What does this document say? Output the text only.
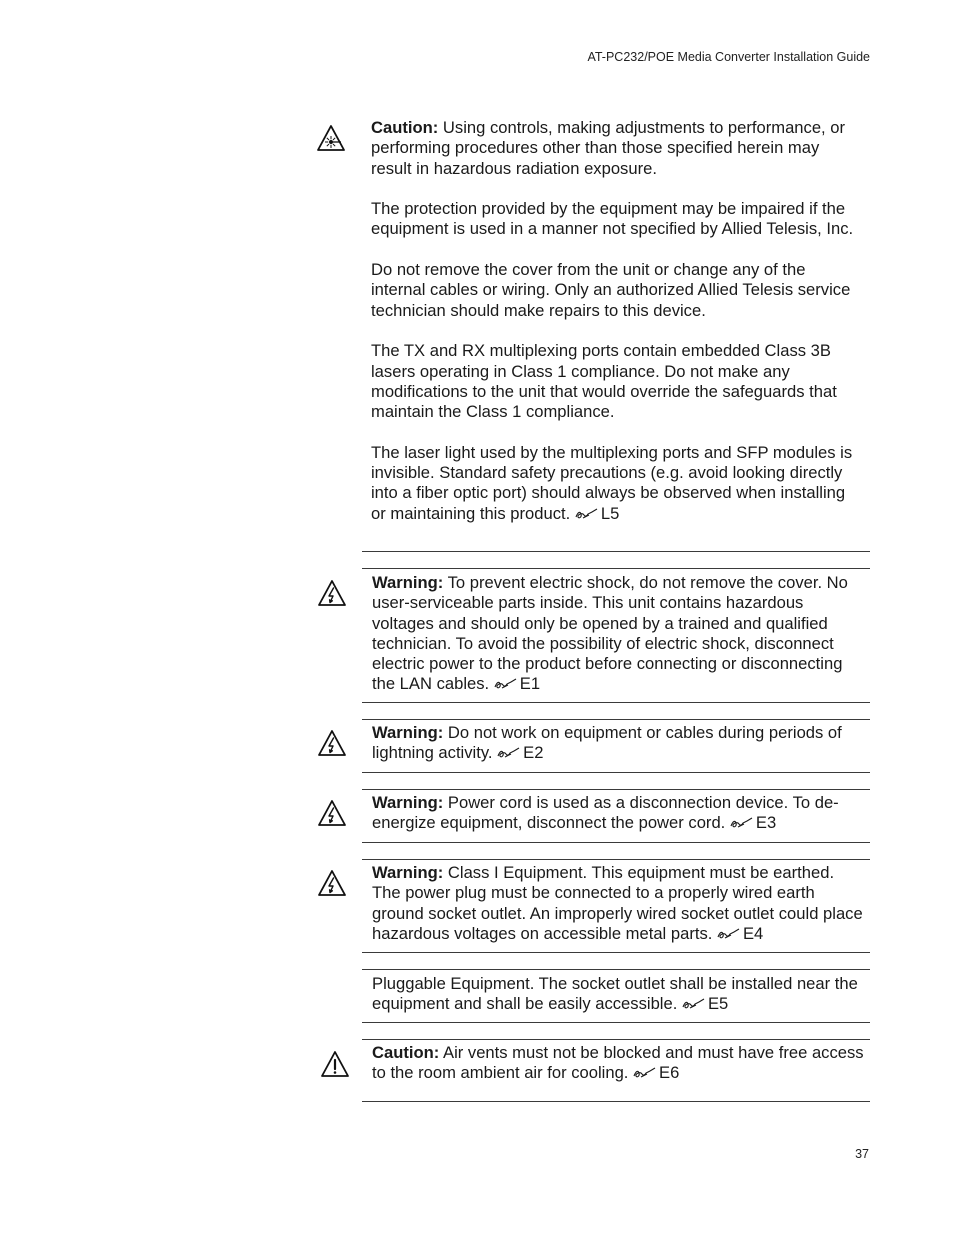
AT-PC232/POE Media Converter Installation Guide

Caution: Using controls, making adjustments to performance, or performing procedures other than those specified herein may result in hazardous radiation exposure.

The protection provided by the equipment may be impaired if the equipment is used in a manner not specified by Allied Telesis, Inc.

Do not remove the cover from the unit or change any of the internal cables or wiring. Only an authorized Allied Telesis service technician should make repairs to this device.

The TX and RX multiplexing ports contain embedded Class 3B lasers operating in Class 1 compliance. Do not make any modifications to the unit that would override the safeguards that maintain the Class 1 compliance.

The laser light used by the multiplexing ports and SFP modules is invisible. Standard safety precautions (e.g. avoid looking directly into a fiber optic port) should always be observed when installing or maintaining this product. L5

Warning: To prevent electric shock, do not remove the cover. No user-serviceable parts inside. This unit contains hazardous voltages and should only be opened by a trained and qualified technician. To avoid the possibility of electric shock, disconnect electric power to the product before connecting or disconnecting the LAN cables. E1

Warning: Do not work on equipment or cables during periods of lightning activity. E2

Warning: Power cord is used as a disconnection device. To de-energize equipment, disconnect the power cord. E3

Warning: Class I Equipment. This equipment must be earthed. The power plug must be connected to a properly wired earth ground socket outlet. An improperly wired socket outlet could place hazardous voltages on accessible metal parts. E4

Pluggable Equipment. The socket outlet shall be installed near the equipment and shall be easily accessible. E5

Caution: Air vents must not be blocked and must have free access to the room ambient air for cooling. E6

37
